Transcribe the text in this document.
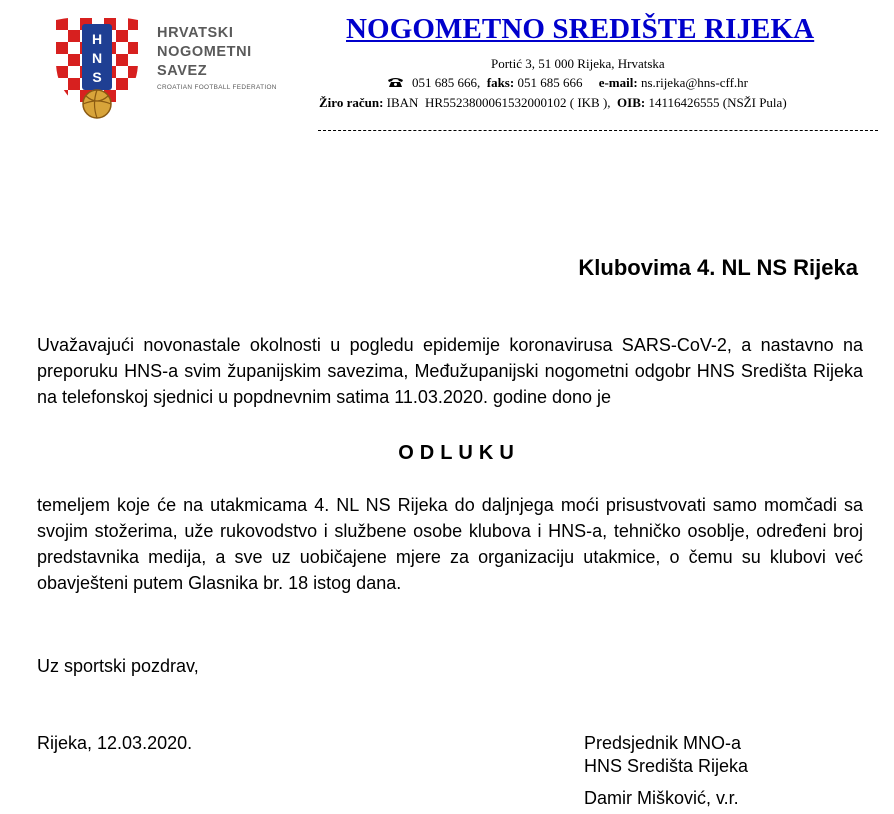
H
N
S
HRVATSKI
NOGOMETNI
SAVEZ
CROATIAN FOOTBALL FEDERATION
NOGOMETNO SREDIŠTE RIJEKA
Portić 3, 51 000 Rijeka, Hrvatska
051 685 666, faks: 051 685 666 e-mail: ns.rijeka@hns-cff.hr
Žiro račun: IBAN HR5523800061532000102 ( IKB ), OIB: 14116426555 (NSŽI Pula)
Klubovima 4. NL NS Rijeka
Uvažavajući novonastale okolnosti u pogledu epidemije koronavirusa SARS-CoV-2, a nastavno na preporuku HNS-a svim županijskim savezima, Međužupanijski nogometni odgobr HNS Središta Rijeka na telefonskoj sjednici u popdnevnim satima 11.03.2020. godine dono je
ODLUKU
temeljem koje će na utakmicama 4. NL NS Rijeka do daljnjega moći prisustvovati samo momčadi sa svojim stožerima, uže rukovodstvo i službene osobe klubova i HNS-a, tehničko osoblje, određeni broj predstavnika medija, a sve uz uobičajene mjere za organizaciju utakmice, o čemu su klubovi već obavješteni putem Glasnika br. 18 istog dana.
Uz sportski pozdrav,
Rijeka, 12.03.2020.	Predsjednik MNO-a
HNS Središta Rijeka
Damir Mišković, v.r.
